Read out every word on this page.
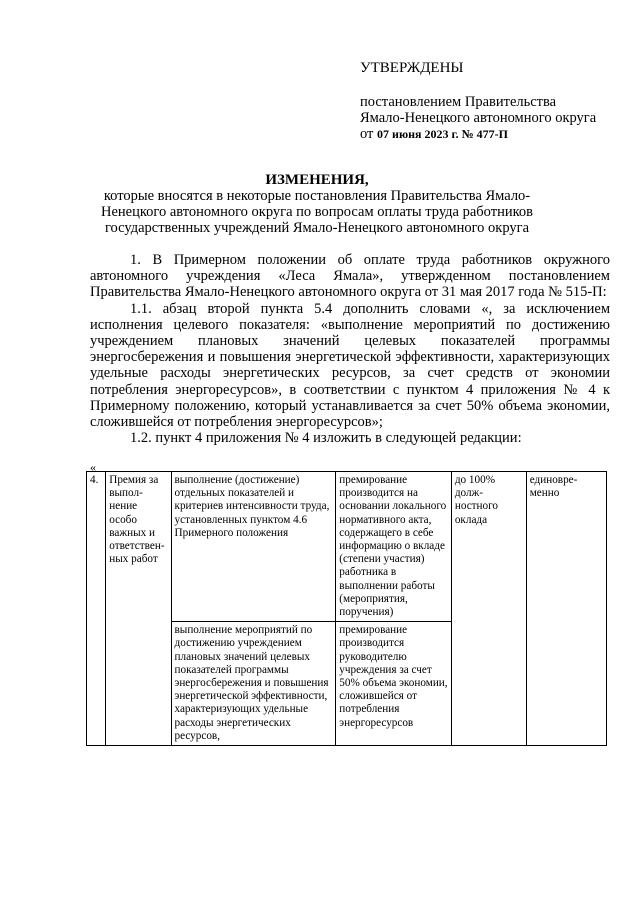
УТВЕРЖДЕНЫ
постановлением Правительства
Ямало-Ненецкого автономного округа
от 07 июня 2023 г. № 477-П
ИЗМЕНЕНИЯ,
которые вносятся в некоторые постановления Правительства Ямало-Ненецкого автономного округа по вопросам оплаты труда работников государственных учреждений Ямало-Ненецкого автономного округа

1. В Примерном положении об оплате труда работников окружного автономного учреждения «Леса Ямала», утвержденном постановлением Правительства Ямало-Ненецкого автономного округа от 31 мая 2017 года № 515-П:

1.1. абзац второй пункта 5.4 дополнить словами «, за исключением исполнения целевого показателя: «выполнение мероприятий по достижению учреждением плановых значений целевых показателей программы энергосбережения и повышения энергетической эффективности, характеризующих удельные расходы энергетических ресурсов, за счет средств от экономии потребления энергоресурсов», в соответствии с пунктом 4 приложения № 4 к Примерному положению, который устанавливается за счет 50% объема экономии, сложившейся от потребления энергоресурсов»;

1.2. пункт 4 приложения № 4 изложить в следующей редакции:

«
4.	Премия за выпол-нение особо важных и ответствен-ных работ	выполнение (достижение) отдельных показателей и критериев интенсивности труда, установленных пунктом 4.6 Примерного положения	премирование производится на основании локального нормативного акта, содержащего в себе информацию о вкладе (степени участия) работника в выполнении работы (мероприятия, поручения)	до 100% долж-ностного оклада	единовре-менно
		выполнение мероприятий по достижению учреждением плановых значений целевых показателей программы энергосбережения и повышения энергетической эффективности, характеризующих удельные расходы энергетических ресурсов,	премирование производится руководителю учреждения за счет 50% объема экономии, сложившейся от потребления энергоресурсов		
